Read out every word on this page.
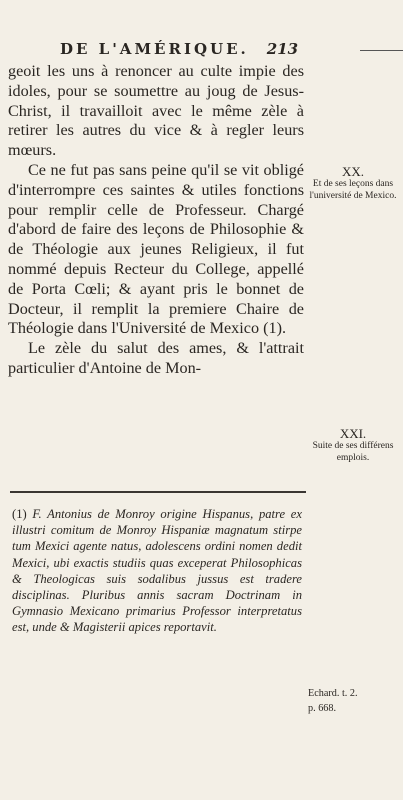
DE L'AMÉRIQUE. 213

geoit les uns à renoncer au culte impie des idoles, pour se soumettre au joug de Jesus-Christ, il travailloit avec le même zèle à retirer les autres du vice & à regler leurs mœurs.

Ce ne fut pas sans peine qu'il se vit obligé d'interrompre ces saintes & utiles fonctions pour remplir celle de Professeur. Chargé d'abord de faire des leçons de Philosophie & de Théologie aux jeunes Religieux, il fut nommé depuis Recteur du College, appellé de Porta Cœli; & ayant pris le bonnet de Docteur, il remplit la premiere Chaire de Théologie dans l'Université de Mexico (1).

Le zèle du salut des ames, & l'attrait particulier d'Antoine de Mon-

XX.
Et de ses leçons dans l'université de Mexico.
XXI.
Suite de ses différens emplois.

(1) F. Antonius de Monroy origine Hispanus, patre ex illustri comitum de Monroy Hispaniæ magnatum stirpe tum Mexici agente natus, adolescens ordini nomen dedit Mexici, ubi exactis studiis quas exceperat Philosophicas & Theologicas suis sodalibus jussus est tradere disciplinas. Pluribus annis sacram Doctrinam in Gymnasio Mexicano primarius Professor interpretatus est, unde & Magisterii apices reportavit.

Echard. t. 2.
p. 668.
